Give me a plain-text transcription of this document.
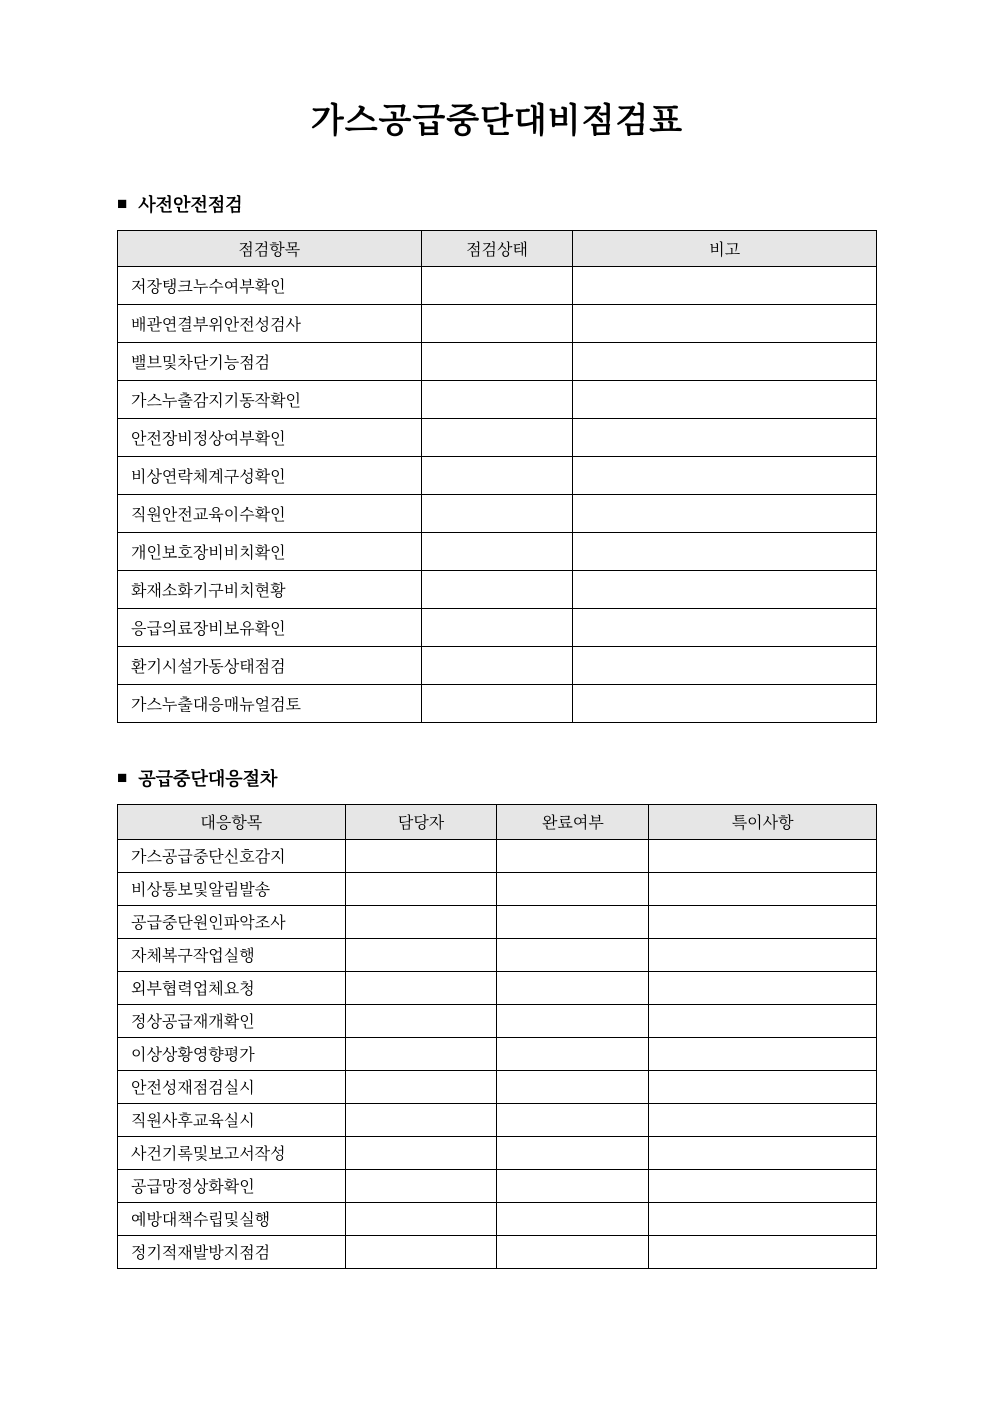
가스공급중단대비점검표
■ 사전안전점검
점검항목	점검상태	비고
저장탱크누수여부확인		
배관연결부위안전성검사		
밸브및차단기능점검		
가스누출감지기동작확인		
안전장비정상여부확인		
비상연락체계구성확인		
직원안전교육이수확인		
개인보호장비비치확인		
화재소화기구비치현황		
응급의료장비보유확인		
환기시설가동상태점검		
가스누출대응매뉴얼검토		
■ 공급중단대응절차
대응항목	담당자	완료여부	특이사항
가스공급중단신호감지			
비상통보및알림발송			
공급중단원인파악조사			
자체복구작업실행			
외부협력업체요청			
정상공급재개확인			
이상상황영향평가			
안전성재점검실시			
직원사후교육실시			
사건기록및보고서작성			
공급망정상화확인			
예방대책수립및실행			
정기적재발방지점검			
